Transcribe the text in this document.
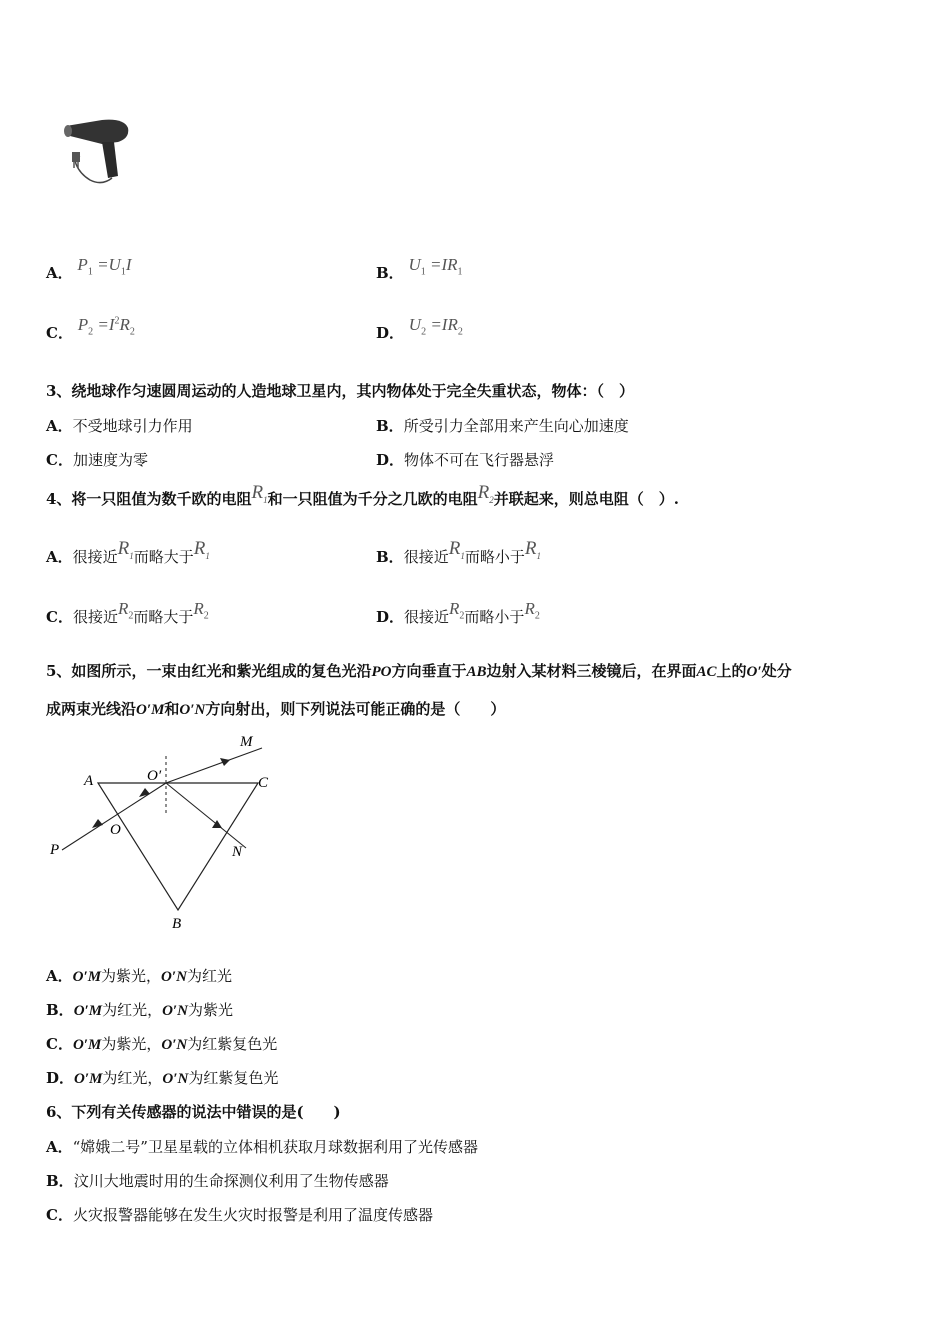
A． $P_1 =U_1I$	B． $U_1 =IR_1$
C． $P_2 =I^2R_2$	D． $U_2 =IR_2$
3、绕地球作匀速圆周运动的人造地球卫星内，其内物体处于完全失重状态，物体：（　）
A．不受地球引力作用	B．所受引力全部用来产生向心加速度
C．加速度为零	D．物体不可在飞行器悬浮
4、将一只阻值为数千欧的电阻$R_1$和一只阻值为千分之几欧的电阻$R_2$并联起来，则总电阻（　）.
A．很接近$R_1$而略大于$R_1$	B．很接近$R_1$而略小于$R_1$
C．很接近$R_2$而略大于$R_2$	D．很接近$R_2$而略小于$R_2$
5、如图所示，一束由红光和紫光组成的复色光沿PO方向垂直于AB边射入某材料三棱镜后，在界面AC上的O′处分
成两束光线沿O′M和O′N方向射出，则下列说法可能正确的是（　　）
A	O′	C
M
O
P	N
B
A．O′M为紫光，O′N为红光
B．O′M为红光，O′N为紫光
C．O′M为紫光，O′N为红紫复色光
D．O′M为红光，O′N为红紫复色光
6、下列有关传感器的说法中错误的是(　　)
A．“嫦娥二号”卫星星载的立体相机获取月球数据利用了光传感器
B．汶川大地震时用的生命探测仪利用了生物传感器
C．火灾报警器能够在发生火灾时报警是利用了温度传感器
